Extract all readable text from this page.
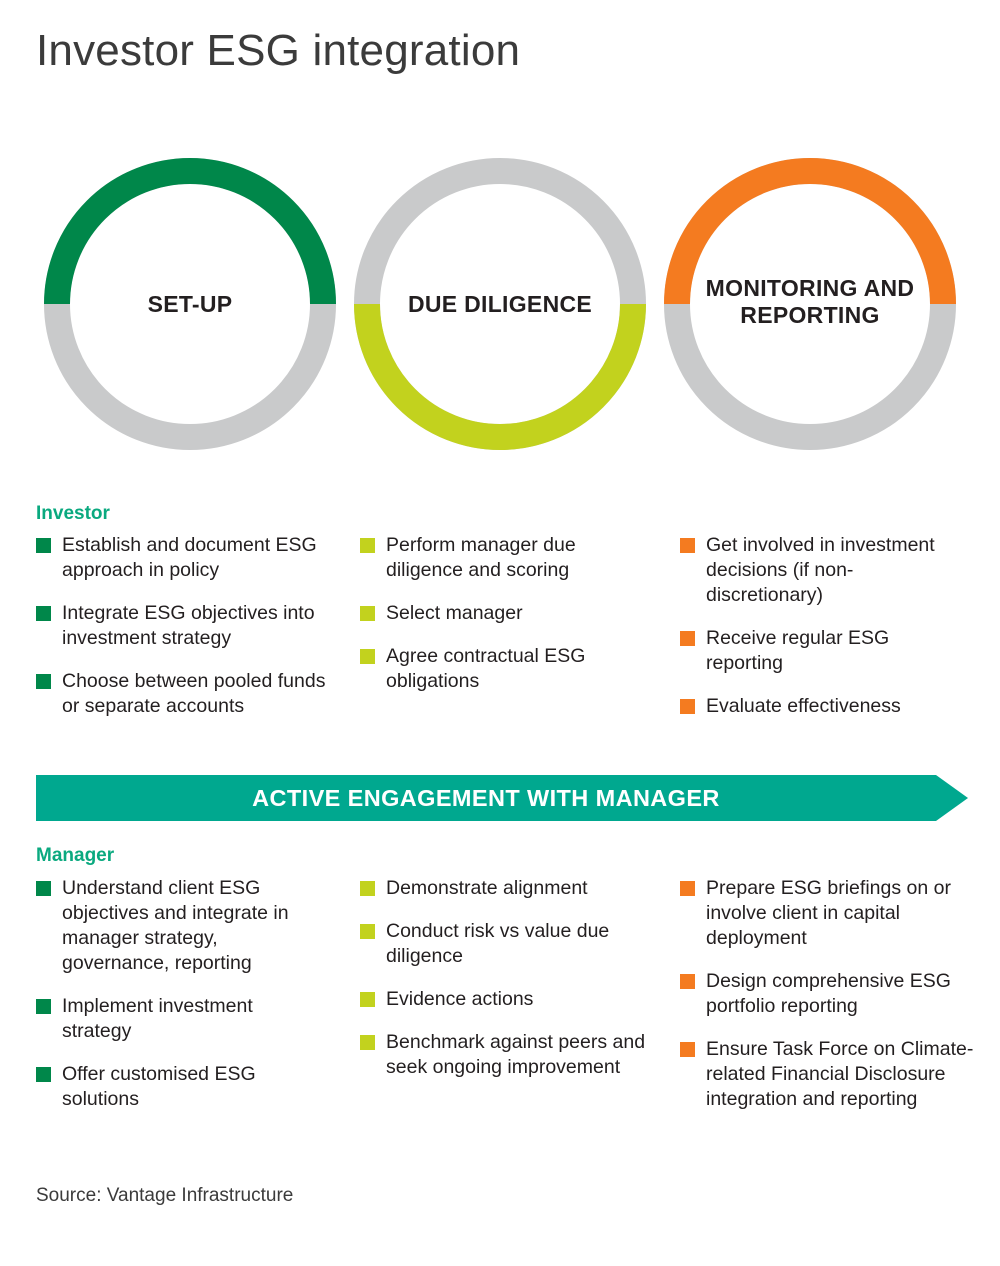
Investor ESG integration
SET-UP	DUE DILIGENCE
MONITORING AND
REPORTING
Investor
Establish and document ESG approach in policy
Integrate ESG objectives into investment strategy
Choose between pooled funds or separate accounts
Perform manager due diligence and scoring
Select manager
Agree contractual ESG obligations
Get involved in investment decisions (if non-discretionary)
Receive regular ESG reporting
Evaluate effectiveness
ACTIVE ENGAGEMENT WITH MANAGER
Manager
Understand client ESG objectives and integrate in manager strategy, governance, reporting
Implement investment strategy
Offer customised ESG solutions
Demonstrate alignment
Conduct risk vs value due diligence
Evidence actions
Benchmark against peers and seek ongoing improvement
Prepare ESG briefings on or involve client in capital deployment
Design comprehensive ESG portfolio reporting
Ensure Task Force on Climate-related Financial Disclosure integration and reporting
Source: Vantage Infrastructure
